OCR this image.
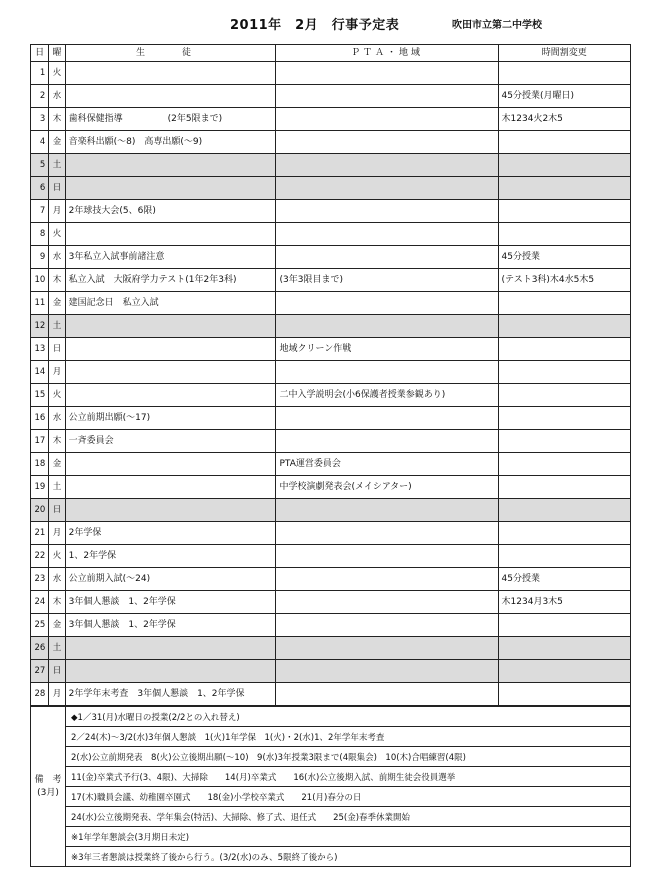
2011年　2月　行事予定表	吹田市立第二中学校
日	曜	生　徒	ＰＴＡ・地域	時間割変更
1	火			
2	水			45分授業(月曜日)
3	木	歯科保健指導　　　　　(2年5限まで)		木1234火2木5
4	金	音楽科出願(～8)　高専出願(～9)		
5	土			
6	日			
7	月	2年球技大会(5、6限)		
8	火			
9	水	3年私立入試事前諸注意		45分授業
10	木	私立入試　大阪府学力テスト(1年2年3科)	(3年3限目まで)	(テスト3科)木4水5木5
11	金	建国記念日　私立入試		
12	土			
13	日		地域クリーン作戦	
14	月			
15	火		二中入学説明会(小6保護者授業参観あり)	
16	水	公立前期出願(～17)		
17	木	一斉委員会		
18	金		PTA運営委員会	
19	土		中学校演劇発表会(メイシアター)	
20	日			
21	月	2年学保		
22	火	1、2年学保		
23	水	公立前期入試(～24)		45分授業
24	木	3年個人懇談　1、2年学保		木1234月3木5
25	金	3年個人懇談　1、2年学保		
26	土			
27	日			
28	月	2年学年末考査　3年個人懇談　1、2年学保		
備　考
(3月)
	◆1／31(月)水曜日の授業(2/2との入れ替え)
2／24(木)～3/2(水)3年個人懇談　1(火)1年学保　1(火)・2(水)1、2年学年末考査
2(水)公立前期発表　8(火)公立後期出願(～10)　9(水)3年授業3限まで(4限集会)　10(木)合唱練習(4限)
11(金)卒業式予行(3、4限)、大掃除　　14(月)卒業式　　16(水)公立後期入試、前期生徒会役員選挙
17(木)職員会議、幼稚園卒園式　　18(金)小学校卒業式　　21(月)春分の日
24(水)公立後期発表、学年集会(特活)、大掃除、修了式、退任式　　25(金)春季休業開始
※1年学年懇談会(3月期日未定)
※3年三者懇談は授業終了後から行う。(3/2(水)のみ、5限終了後から)
